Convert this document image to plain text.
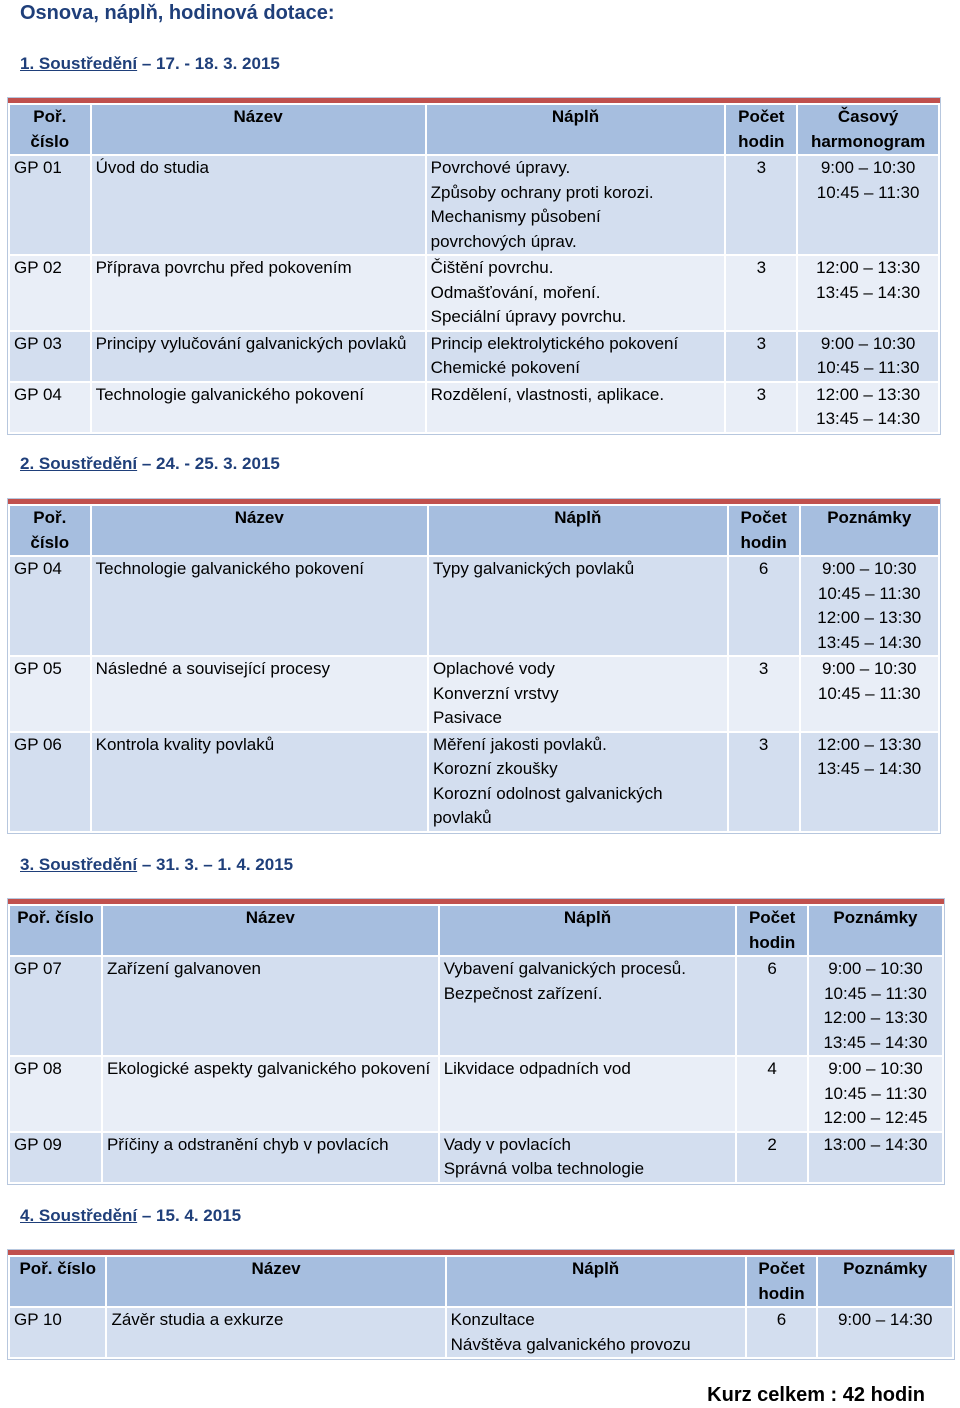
Osnova, náplň, hodinová dotace:
1. Soustředění – 17. - 18. 3. 2015
Poř. číslo	Název	Náplň	Počet hodin	Časový harmonogram
GP 01	Úvod do studia	Povrchové úpravy.
Způsoby ochrany proti korozi.
Mechanismy působení
povrchových úprav.	3	9:00 – 10:30
10:45 – 11:30

GP 02	Příprava povrchu před pokovením	Čištění povrchu.
Odmašťování, moření.
Speciální úpravy povrchu.	3	12:00 – 13:30
13:45 – 14:30

GP 03	Principy vylučování galvanických povlaků	Princip elektrolytického pokovení
Chemické pokovení	3	9:00 – 10:30
10:45 – 11:30

GP 04	Technologie galvanického pokovení	Rozdělení, vlastnosti, aplikace.	3	12:00 – 13:30
13:45 – 14:30
2. Soustředění – 24. - 25. 3. 2015
Poř. číslo	Název	Náplň	Počet hodin	Poznámky
GP 04	Technologie galvanického pokovení	Typy galvanických povlaků	6	9:00 – 10:30
10:45 – 11:30
12:00 – 13:30
13:45 – 14:30

GP 05	Následné a související procesy	Oplachové vody
Konverzní vrstvy
Pasivace	3	9:00 – 10:30
10:45 – 11:30

GP 06	Kontrola kvality povlaků	Měření jakosti povlaků.
Korozní zkoušky
Korozní odolnost galvanických
povlaků	3	12:00 – 13:30
13:45 – 14:30
3. Soustředění – 31. 3. – 1. 4. 2015
Poř. číslo	Název	Náplň	Počet hodin	Poznámky
GP 07	Zařízení galvanoven	Vybavení galvanických procesů.
Bezpečnost zařízení.	6	9:00 – 10:30
10:45 – 11:30
12:00 – 13:30
13:45 – 14:30

GP 08	Ekologické aspekty galvanického pokovení	Likvidace odpadních vod	4	9:00 – 10:30
10:45 – 11:30
12:00 – 12:45

GP 09	Příčiny a odstranění chyb v povlacích	Vady v povlacích
Správná volba technologie	2	13:00 – 14:30
4. Soustředění – 15. 4. 2015
Poř. číslo	Název	Náplň	Počet hodin	Poznámky
GP 10	Závěr studia a exkurze	Konzultace
Návštěva galvanického provozu	6	9:00 – 14:30
Kurz celkem : 42 hodin
